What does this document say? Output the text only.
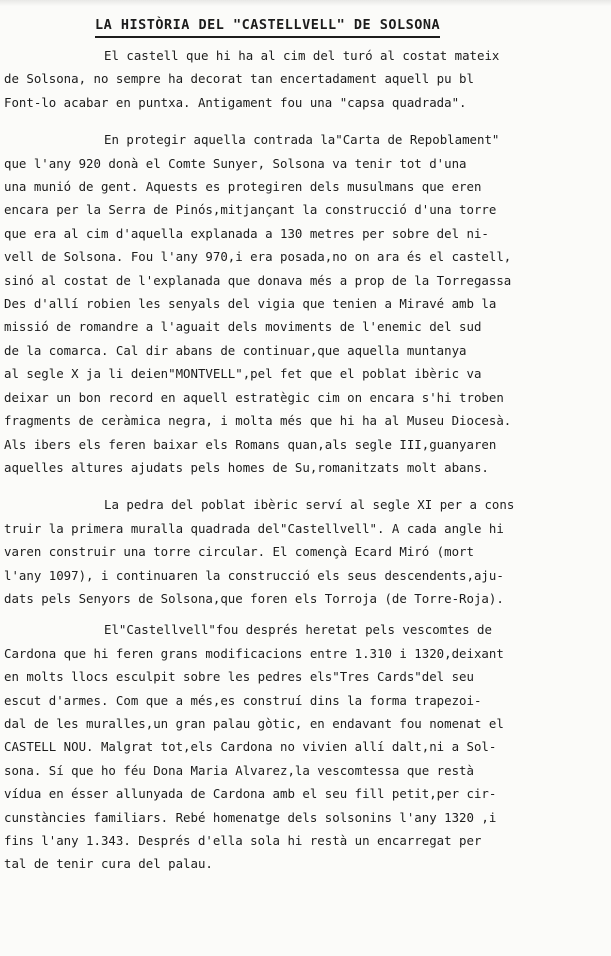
LA HISTÒRIA DEL "CASTELLVELL" DE SOLSONA
El castell que hi ha al cim del turó al costat mateix
de Solsona, no sempre ha decorat tan encertadament aquell pu bl
Font-lo acabar en puntxa. Antigament fou una "capsa quadrada".
En protegir aquella contrada la"Carta de Repoblament"
que l'any 920 donà el Comte Sunyer, Solsona va tenir tot d'una
una munió de gent. Aquests es protegiren dels musulmans que eren
encara per la Serra de Pinós,mitjançant la construcció d'una torre
que era al cim d'aquella explanada a 130 metres per sobre del ni-
vell de Solsona. Fou l'any 970,i era posada,no on ara és el castell,
sinó al costat de l'explanada que donava més a prop de la Torregassa
Des d'allí robien les senyals del vigia que tenien a Miravé amb la
missió de romandre a l'aguait dels moviments de l'enemic del sud
de la comarca. Cal dir abans de continuar,que aquella muntanya
al segle X ja li deien"MONTVELL",pel fet que el poblat ibèric va
deixar un bon record en aquell estratègic cim on encara s'hi troben
fragments de ceràmica negra, i molta més que hi ha al Museu Diocesà.
Als ibers els feren baixar els Romans quan,als segle III,guanyaren
aquelles altures ajudats pels homes de Su,romanitzats molt abans.
La pedra del poblat ibèric serví al segle XI per a cons
truir la primera muralla quadrada del"Castellvell". A cada angle hi
varen construir una torre circular. El començà Ecard Miró (mort
l'any 1097), i continuaren la construcció els seus descendents,aju-
dats pels Senyors de Solsona,que foren els Torroja (de Torre-Roja).
El"Castellvell"fou després heretat pels vescomtes de
Cardona que hi feren grans modificacions entre 1.310 i 1320,deixant
en molts llocs esculpit sobre les pedres els"Tres Cards"del seu
escut d'armes. Com que a més,es construí dins la forma trapezoi-
dal de les muralles,un gran palau gòtic, en endavant fou nomenat el
CASTELL NOU. Malgrat tot,els Cardona no vivien allí dalt,ni a Sol-
sona. Sí que ho féu Dona Maria Alvarez,la vescomtessa que restà
vídua en ésser allunyada de Cardona amb el seu fill petit,per cir-
cunstàncies familiars. Rebé homenatge dels solsonins l'any 1320 ,i
fins l'any 1.343. Després d'ella sola hi restà un encarregat per
tal de tenir cura del palau.
